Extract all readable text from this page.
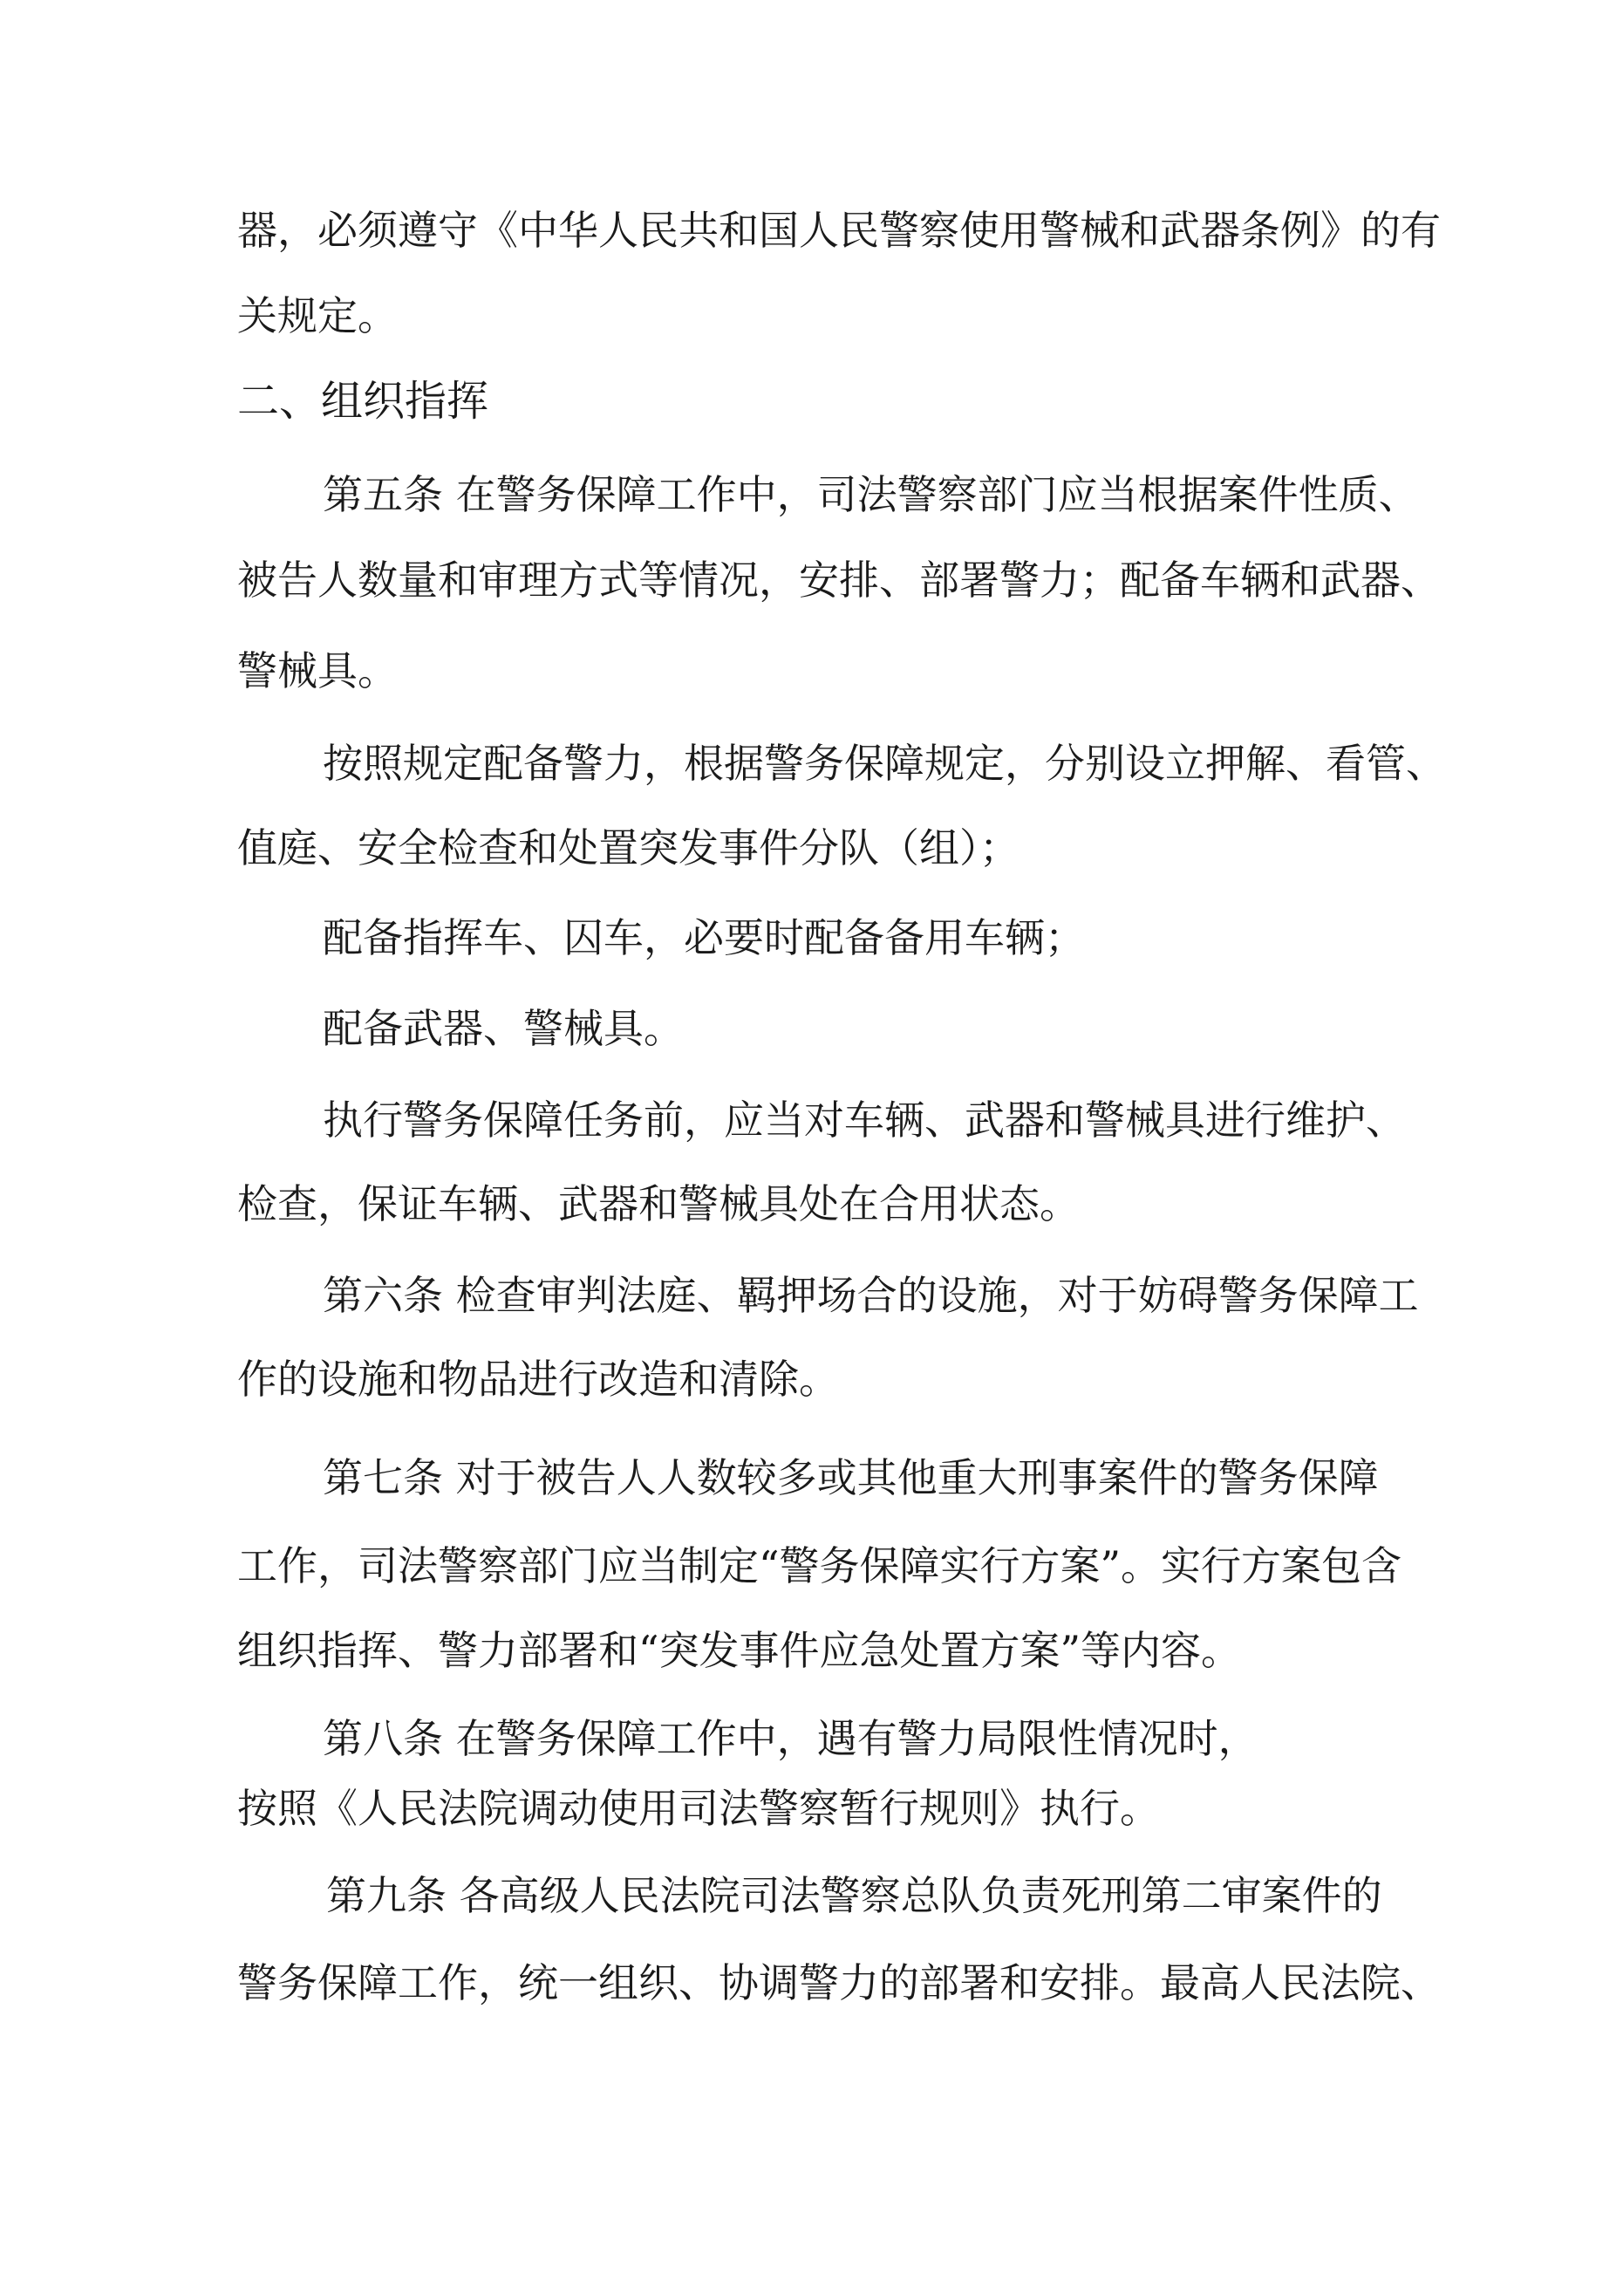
器，必须遵守《中华人民共和国人民警察使用警械和武器条例》的有

关规定。

二、组织指挥

第五条 在警务保障工作中，司法警察部门应当根据案件性质、

被告人数量和审理方式等情况，安排、部署警力；配备车辆和武器、

警械具。

按照规定配备警力，根据警务保障规定，分别设立押解、看管、

值庭、安全检查和处置突发事件分队（组）；

配备指挥车、囚车，必要时配备备用车辆；

配备武器、警械具。

执行警务保障任务前，应当对车辆、武器和警械具进行维护、

检查，保证车辆、武器和警械具处在合用状态。

第六条 检查审判法庭、羁押场合的设施，对于妨碍警务保障工

作的设施和物品进行改造和清除。

第七条 对于被告人人数较多或其他重大刑事案件的警务保障

工作，司法警察部门应当制定“警务保障实行方案”。实行方案包含

组织指挥、警力部署和“突发事件应急处置方案”等内容。

第八条 在警务保障工作中，遇有警力局限性情况时，

按照《人民法院调动使用司法警察暂行规则》执行。

第九条 各高级人民法院司法警察总队负责死刑第二审案件的

警务保障工作，统一组织、协调警力的部署和安排。最高人民法院、
